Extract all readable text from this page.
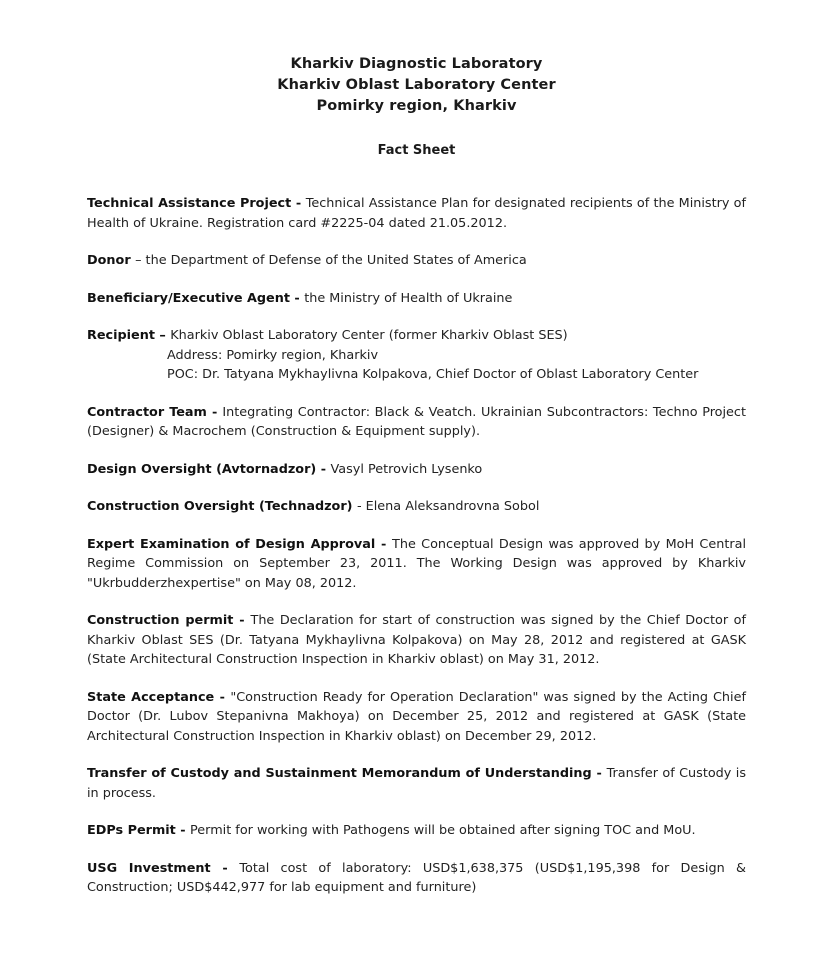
Kharkiv Diagnostic Laboratory
Kharkiv Oblast Laboratory Center
Pomirky region, Kharkiv
Fact Sheet

Technical Assistance Project - Technical Assistance Plan for designated recipients of the Ministry of Health of Ukraine. Registration card #2225-04 dated 21.05.2012.

Donor – the Department of Defense of the United States of America

Beneficiary/Executive Agent - the Ministry of Health of Ukraine

Recipient – Kharkiv Oblast Laboratory Center (former Kharkiv Oblast SES)
Address: Pomirky region, Kharkiv
POC: Dr. Tatyana Mykhaylivna Kolpakova, Chief Doctor of Oblast Laboratory Center

Contractor Team - Integrating Contractor: Black & Veatch. Ukrainian Subcontractors: Techno Project (Designer) & Macrochem (Construction & Equipment supply).

Design Oversight (Avtornadzor) - Vasyl Petrovich Lysenko

Construction Oversight (Technadzor) - Elena Aleksandrovna Sobol

Expert Examination of Design Approval - The Conceptual Design was approved by MoH Central Regime Commission on September 23, 2011. The Working Design was approved by Kharkiv "Ukrbudderzhexpertise" on May 08, 2012.

Construction permit - The Declaration for start of construction was signed by the Chief Doctor of Kharkiv Oblast SES (Dr. Tatyana Mykhaylivna Kolpakova) on May 28, 2012 and registered at GASK (State Architectural Construction Inspection in Kharkiv oblast) on May 31, 2012.

State Acceptance - "Construction Ready for Operation Declaration" was signed by the Acting Chief Doctor (Dr. Lubov Stepanivna Makhoya) on December 25, 2012 and registered at GASK (State Architectural Construction Inspection in Kharkiv oblast) on December 29, 2012.

Transfer of Custody and Sustainment Memorandum of Understanding - Transfer of Custody is in process.

EDPs Permit - Permit for working with Pathogens will be obtained after signing TOC and MoU.

USG Investment - Total cost of laboratory: USD$1,638,375 (USD$1,195,398 for Design & Construction; USD$442,977 for lab equipment and furniture)
